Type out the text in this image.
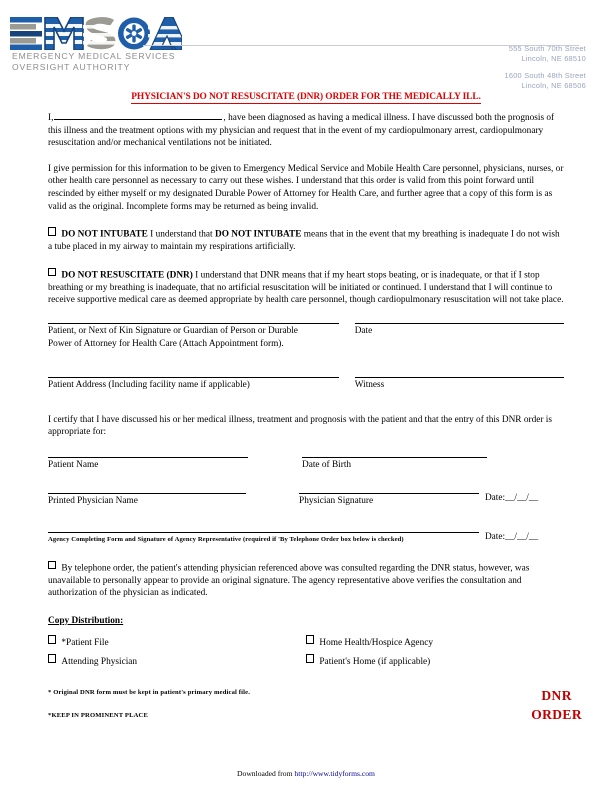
EMERGENCY MEDICAL SERVICES
OVERSIGHT AUTHORITY
555 South 70th Street
Lincoln, NE 68510
1600 South 48th Street
Lincoln, NE 68506
PHYSICIAN'S DO NOT RESUSCITATE (DNR) ORDER FOR THE MEDICALLY ILL.

I,	, have been diagnosed as having a medical illness. I have discussed both the prognosis of this illness and the treatment options with my physician and request that in the event of my cardiopulmonary arrest, cardiopulmonary resuscitation and/or mechanical ventilations not be initiated.

I give permission for this information to be given to Emergency Medical Service and Mobile Health Care personnel, physicians, nurses, or other health care personnel as necessary to carry out these wishes. I understand that this order is valid from this point forward until rescinded by either myself or my designated Durable Power of Attorney for Health Care, and further agree that a copy of this form is as valid as the original. Incomplete forms may be returned as being invalid.

DO NOT INTUBATE I understand that DO NOT INTUBATE means that in the event that my breathing is inadequate I do not wish a tube placed in my airway to maintain my respirations artificially.

DO NOT RESUSCITATE (DNR) I understand that DNR means that if my heart stops beating, or is inadequate, or that if I stop breathing or my breathing is inadequate, that no artificial resuscitation will be initiated or continued. I understand that I will continue to receive supportive medical care as deemed appropriate by health care personnel, though cardiopulmonary resuscitation will not take place.

Patient, or Next of Kin Signature or Guardian of Person or Durable
Power of Attorney for Health Care (Attach Appointment form).
Date
Patient Address (Including facility name if applicable)	Witness

I certify that I have discussed his or her medical illness, treatment and prognosis with the patient and that the entry of this DNR order is appropriate for:

Patient Name	Date of Birth
Printed Physician Name	Physician Signature	Date:__/__/__
Agency Completing Form and Signature of Agency Representative (required if 'By Telephone Order box below is checked)	Date:__/__/__

By telephone order, the patient's attending physician referenced above was consulted regarding the DNR status, however, was unavailable to personally appear to provide an original signature. The agency representative above verifies the consultation and authorization of the physician as indicated.

Copy Distribution:
*Patient File
Attending Physician
Home Health/Hospice Agency
Patient's Home (if applicable)
* Original DNR form must be kept in patient's primary medical file.
*KEEP IN PROMINENT PLACE
DNR
ORDER
Downloaded from http://www.tidyforms.com
